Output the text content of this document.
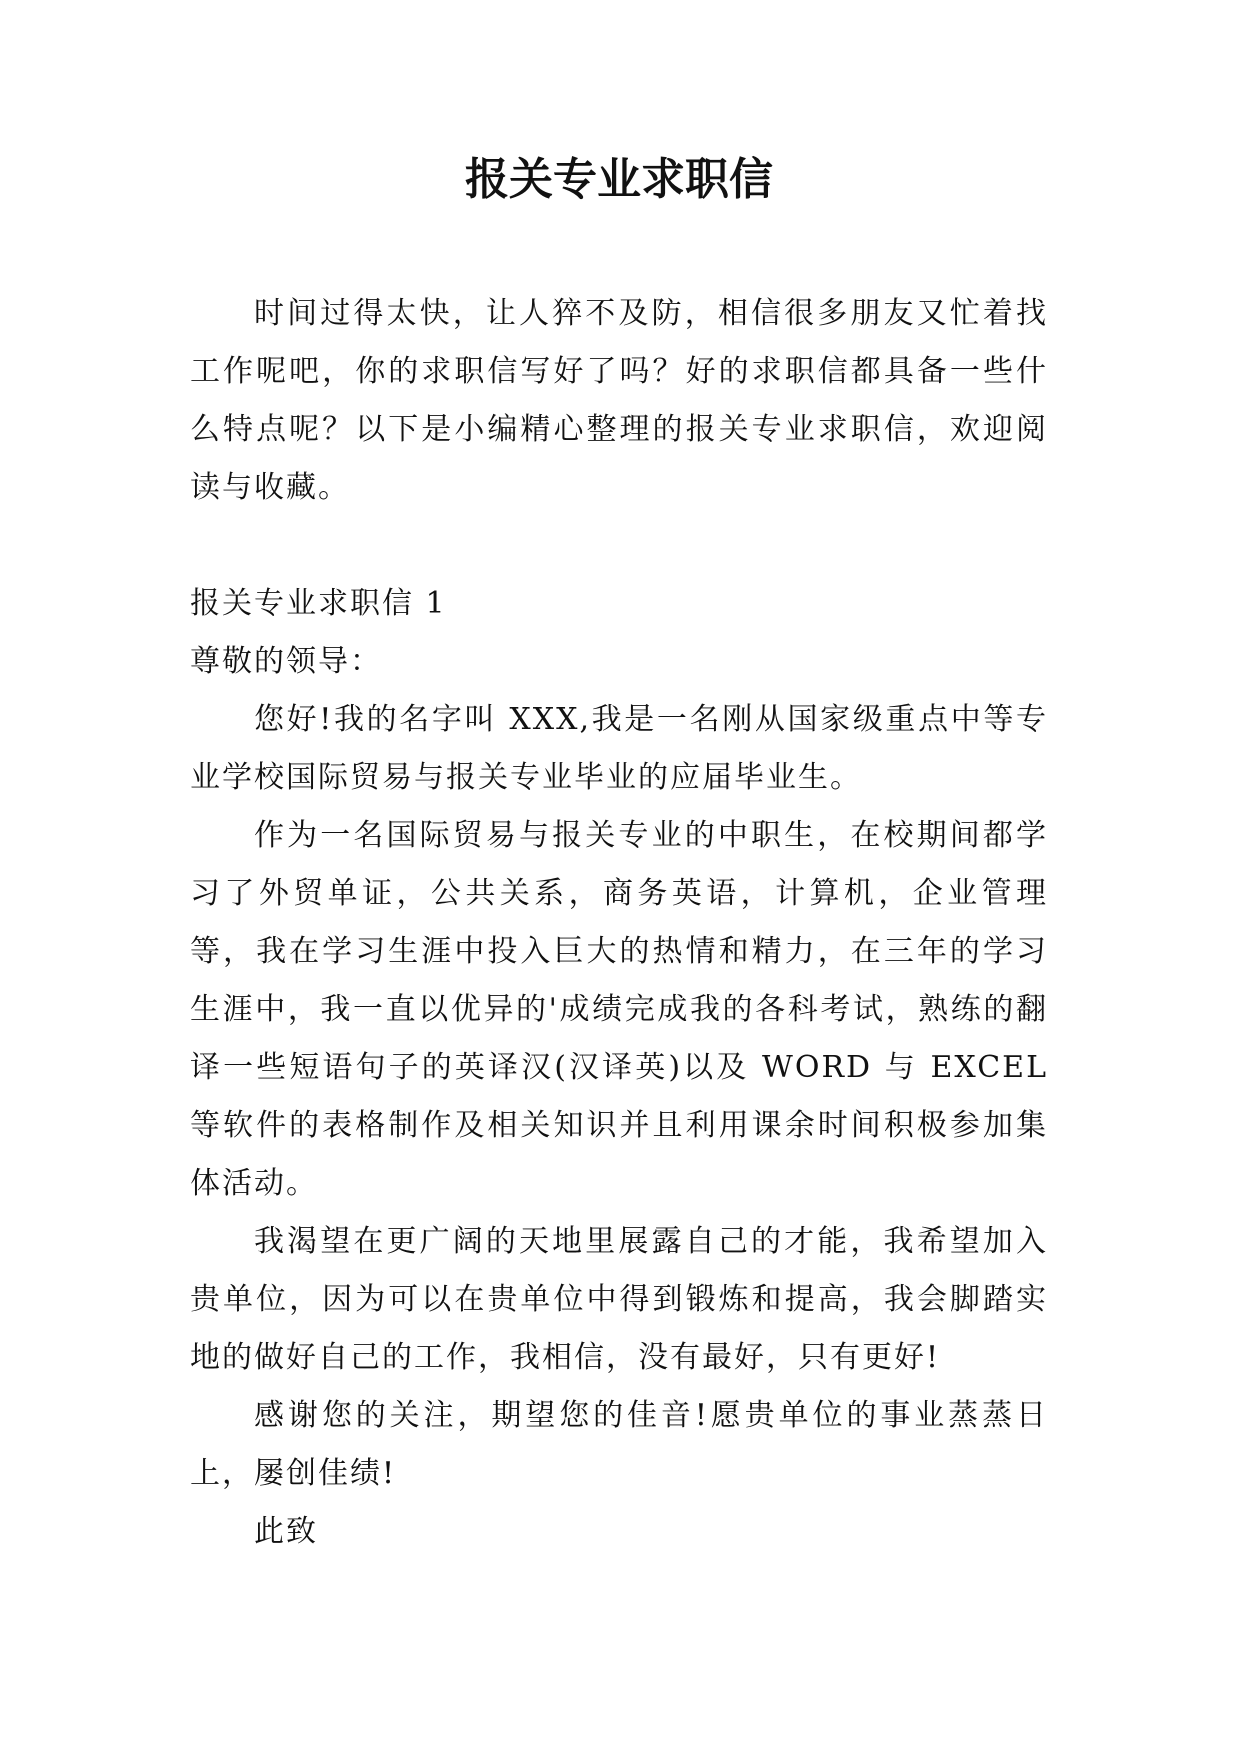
报关专业求职信

时间过得太快，让人猝不及防，相信很多朋友又忙着找工作呢吧，你的求职信写好了吗？好的求职信都具备一些什么特点呢？以下是小编精心整理的报关专业求职信，欢迎阅读与收藏。

报关专业求职信 1

尊敬的领导：

您好!我的名字叫 XXX,我是一名刚从国家级重点中等专业学校国际贸易与报关专业毕业的应届毕业生。

作为一名国际贸易与报关专业的中职生，在校期间都学习了外贸单证，公共关系，商务英语，计算机，企业管理等，我在学习生涯中投入巨大的热情和精力，在三年的学习生涯中，我一直以优异的'成绩完成我的各科考试，熟练的翻译一些短语句子的英译汉(汉译英)以及 WORD 与 EXCEL 等软件的表格制作及相关知识并且利用课余时间积极参加集体活动。

我渴望在更广阔的天地里展露自己的才能，我希望加入贵单位，因为可以在贵单位中得到锻炼和提高，我会脚踏实地的做好自己的工作，我相信，没有最好，只有更好!

感谢您的关注，期望您的佳音!愿贵单位的事业蒸蒸日上，屡创佳绩!

此致
